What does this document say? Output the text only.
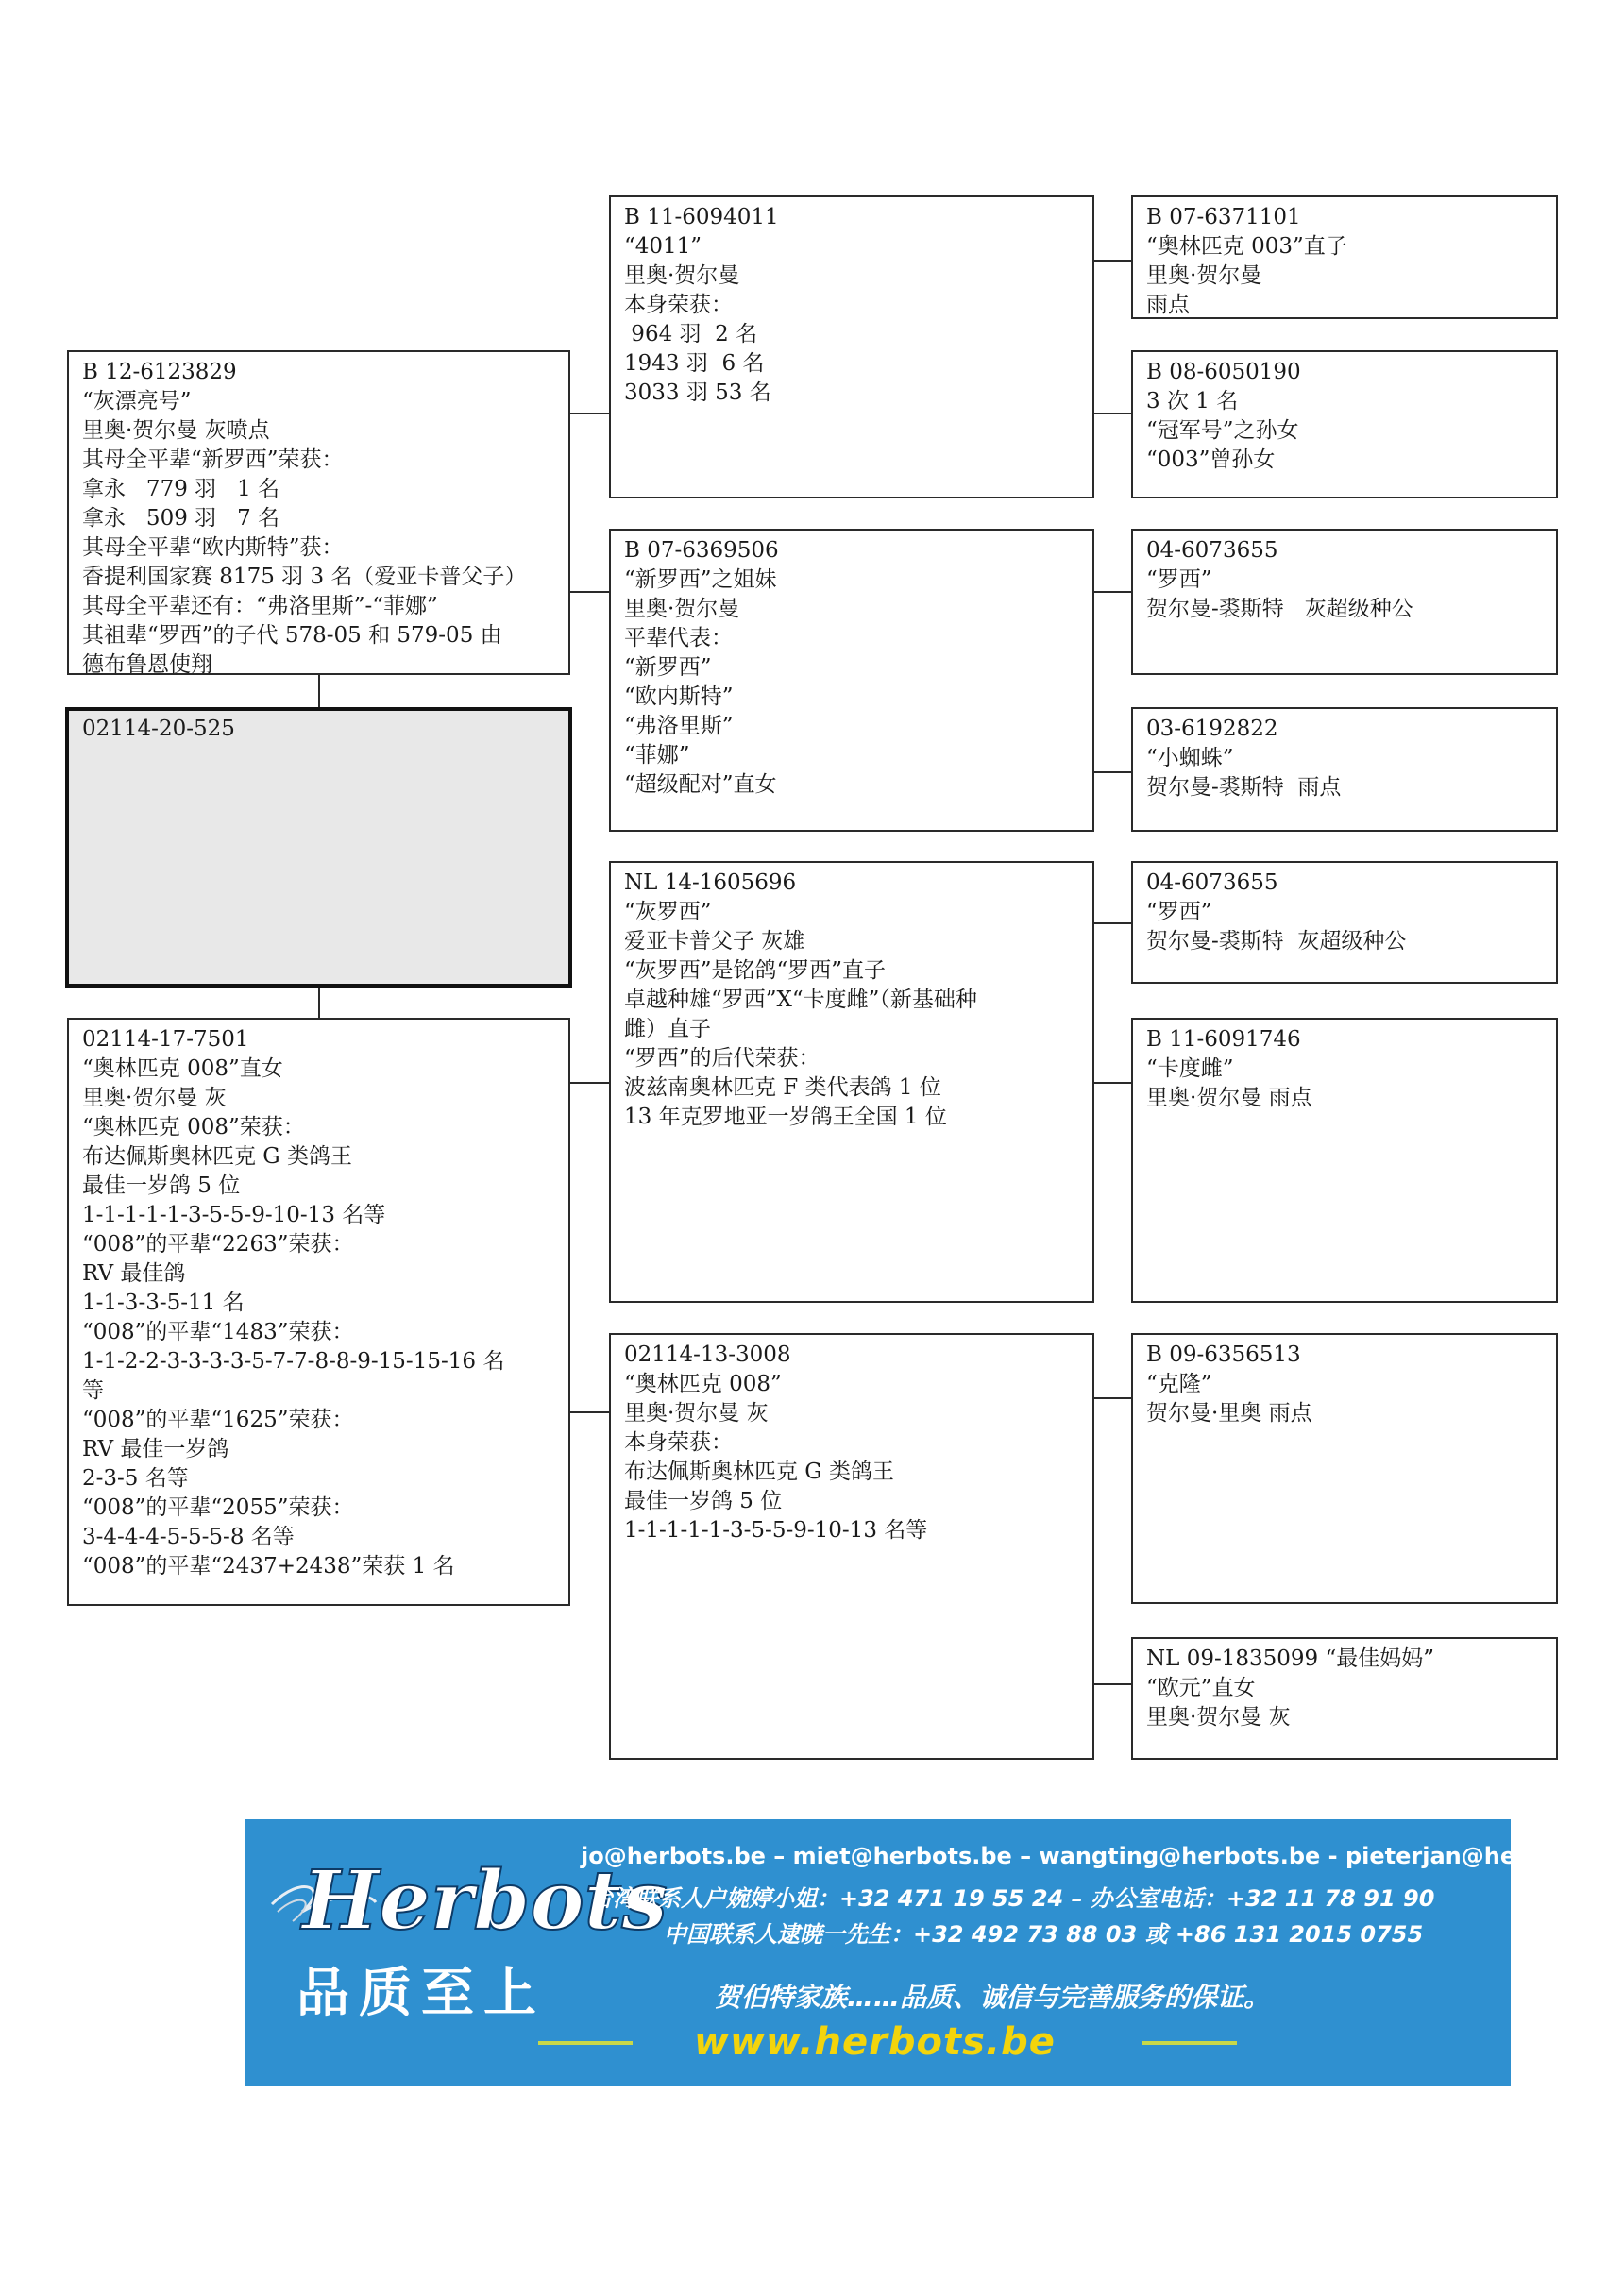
B 12-6123829
“灰漂亮号”
里奥·贺尔曼 灰喷点
其母全平辈“新罗西”荣获：
拿永   779 羽   1 名
拿永   509 羽   7 名
其母全平辈“欧内斯特”获：
香提利国家赛 8175 羽 3 名（爱亚卡普父子）
其母全平辈还有：“弗洛里斯”-“菲娜”
其祖辈“罗西”的子代 578-05 和 579-05 由
德布鲁恩使翔
02114-20-525
02114-17-7501
“奥林匹克 008”直女
里奥·贺尔曼 灰
“奥林匹克 008”荣获：
布达佩斯奥林匹克 G 类鸽王
最佳一岁鸽 5 位
1-1-1-1-1-3-5-5-9-10-13 名等
“008”的平辈“2263”荣获：
RV 最佳鸽
1-1-3-3-5-11 名
“008”的平辈“1483”荣获：
1-1-2-2-3-3-3-3-5-7-7-8-8-9-15-15-16 名
等
“008”的平辈“1625”荣获：
RV 最佳一岁鸽
2-3-5 名等
“008”的平辈“2055”荣获：
3-4-4-4-5-5-5-8 名等
“008”的平辈“2437+2438”荣获 1 名
B 11-6094011
“4011”
里奥·贺尔曼
本身荣获：
964 羽  2 名
1943 羽  6 名
3033 羽 53 名
B 07-6369506
“新罗西”之姐妹
里奥·贺尔曼
平辈代表：
“新罗西”
“欧内斯特”
“弗洛里斯”
“菲娜”
“超级配对”直女
NL 14-1605696
“灰罗西”
爱亚卡普父子 灰雄
“灰罗西”是铭鸽“罗西”直子
卓越种雄“罗西”X“卡度雌”（新基础种
雌）直子
“罗西”的后代荣获：
波兹南奥林匹克 F 类代表鸽 1 位
13 年克罗地亚一岁鸽王全国 1 位
02114-13-3008
“奥林匹克 008”
里奥·贺尔曼 灰
本身荣获：
布达佩斯奥林匹克 G 类鸽王
最佳一岁鸽 5 位
1-1-1-1-1-3-5-5-9-10-13 名等
B 07-6371101
“奥林匹克 003”直子
里奥·贺尔曼
雨点
B 08-6050190
3 次 1 名
“冠军号”之孙女
“003”曾孙女
04-6073655
“罗西”
贺尔曼-裘斯特   灰超级种公
03-6192822
“小蜘蛛”
贺尔曼-裘斯特  雨点
04-6073655
“罗西”
贺尔曼-裘斯特  灰超级种公
B 11-6091746
“卡度雌”
里奥·贺尔曼 雨点
B 09-6356513
“克隆”
贺尔曼·里奥 雨点
NL 09-1835099 “最佳妈妈”
“欧元”直女
里奥·贺尔曼 灰
Herbots
品质至上
jo@herbots.be – miet@herbots.be – wangting@herbots.be - pieterjan@herbots.be
台湾联系人户婉婷小姐：+32 471 19 55 24 – 办公室电话：+32 11 78 91 90
中国联系人逮暁一先生：+32 492 73 88 03 或 +86 131 2015 0755
贺伯特家族……品质、诚信与完善服务的保证。
www.herbots.be
